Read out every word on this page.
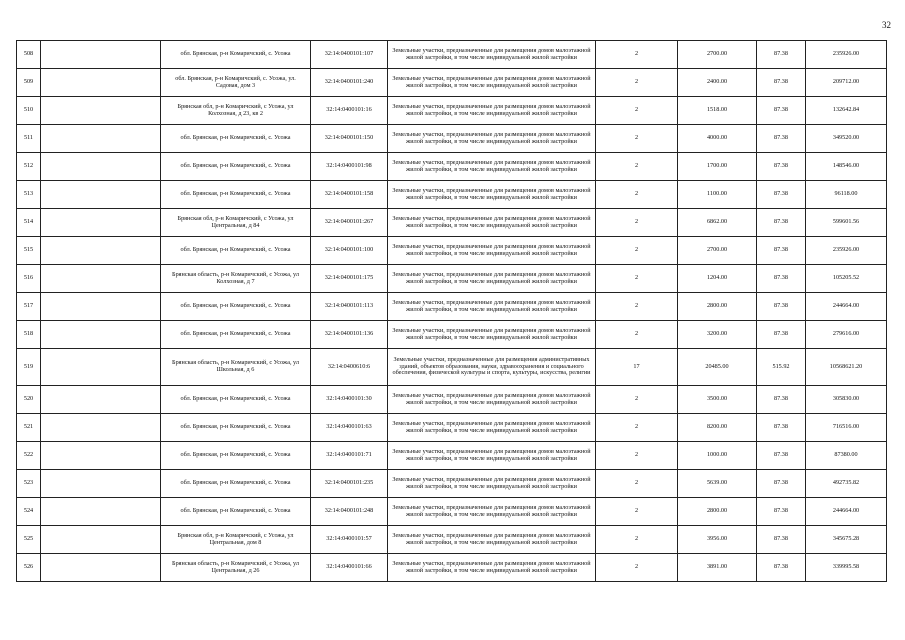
32
508		обл. Брянская, р-н Комаричский, с. Усожа	32:14:0400101:107	Земельные участки, предназначенные для размещения домов малоэтажной жилой застройки, в том числе индивидуальной жилой застройки	2	2700.00	87.38	235926.00
509		обл. Брянская, р-н Комаричский, с. Усожа, ул. Садовая, дом 3	32:14:0400101:240	Земельные участки, предназначенные для размещения домов малоэтажной жилой застройки, в том числе индивидуальной жилой застройки	2	2400.00	87.38	209712.00
510		Брянская обл, р-н Комаричский, с Усожа, ул Колхозная, д 23, кв 2	32:14:0400101:16	Земельные участки, предназначенные для размещения домов малоэтажной жилой застройки, в том числе индивидуальной жилой застройки	2	1518.00	87.38	132642.84
511		обл. Брянская, р-н Комаричский, с. Усожа	32:14:0400101:150	Земельные участки, предназначенные для размещения домов малоэтажной жилой застройки, в том числе индивидуальной жилой застройки	2	4000.00	87.38	349520.00
512		обл. Брянская, р-н Комаричский, с. Усожа	32:14:0400101:98	Земельные участки, предназначенные для размещения домов малоэтажной жилой застройки, в том числе индивидуальной жилой застройки	2	1700.00	87.38	148546.00
513		обл. Брянская, р-н Комаричский, с. Усожа	32:14:0400101:158	Земельные участки, предназначенные для размещения домов малоэтажной жилой застройки, в том числе индивидуальной жилой застройки	2	1100.00	87.38	96118.00
514		Брянская обл, р-н Комаричский, с Усожа, ул Центральная, д 84	32:14:0400101:267	Земельные участки, предназначенные для размещения домов малоэтажной жилой застройки, в том числе индивидуальной жилой застройки	2	6862.00	87.38	599601.56
515		обл. Брянская, р-н Комаричский, с. Усожа	32:14:0400101:100	Земельные участки, предназначенные для размещения домов малоэтажной жилой застройки, в том числе индивидуальной жилой застройки	2	2700.00	87.38	235926.00
516		Брянская область, р-н Комаричский, с Усожа, ул Колхозная, д 7	32:14:0400101:175	Земельные участки, предназначенные для размещения домов малоэтажной жилой застройки, в том числе индивидуальной жилой застройки	2	1204.00	87.38	105205.52
517		обл. Брянская, р-н Комаричский, с. Усожа	32:14:0400101:113	Земельные участки, предназначенные для размещения домов малоэтажной жилой застройки, в том числе индивидуальной жилой застройки	2	2800.00	87.38	244664.00
518		обл. Брянская, р-н Комаричский, с. Усожа	32:14:0400101:136	Земельные участки, предназначенные для размещения домов малоэтажной жилой застройки, в том числе индивидуальной жилой застройки	2	3200.00	87.38	279616.00
519		Брянская область, р-н Комаричский, с Усожа, ул Школьная, д 6	32:14:0400610:6	Земельные участки, предназначенные для размещения административных зданий, объектов образования, науки, здравоохранения и социального обеспечения, физической культуры и спорта, культуры, искусства, религии	17	20485.00	515.92	10568621.20
520		обл. Брянская, р-н Комаричский, с. Усожа	32:14:0400101:30	Земельные участки, предназначенные для размещения домов малоэтажной жилой застройки, в том числе индивидуальной жилой застройки	2	3500.00	87.38	305830.00
521		обл. Брянская, р-н Комаричский, с. Усожа	32:14:0400101:63	Земельные участки, предназначенные для размещения домов малоэтажной жилой застройки, в том числе индивидуальной жилой застройки	2	8200.00	87.38	716516.00
522		обл. Брянская, р-н Комаричский, с. Усожа	32:14:0400101:71	Земельные участки, предназначенные для размещения домов малоэтажной жилой застройки, в том числе индивидуальной жилой застройки	2	1000.00	87.38	87380.00
523		обл. Брянская, р-н Комаричский, с. Усожа	32:14:0400101:235	Земельные участки, предназначенные для размещения домов малоэтажной жилой застройки, в том числе индивидуальной жилой застройки	2	5639.00	87.38	492735.82
524		обл. Брянская, р-н Комаричский, с. Усожа	32:14:0400101:248	Земельные участки, предназначенные для размещения домов малоэтажной жилой застройки, в том числе индивидуальной жилой застройки	2	2800.00	87.38	244664.00
525		Брянская обл, р-н Комаричский, с Усожа, ул Центральная, дом 8	32:14:0400101:57	Земельные участки, предназначенные для размещения домов малоэтажной жилой застройки, в том числе индивидуальной жилой застройки	2	3956.00	87.38	345675.28
526		Брянская область, р-н Комаричский, с Усожа, ул Центральная, д 26	32:14:0400101:66	Земельные участки, предназначенные для размещения домов малоэтажной жилой застройки, в том числе индивидуальной жилой застройки	2	3891.00	87.38	339995.58
